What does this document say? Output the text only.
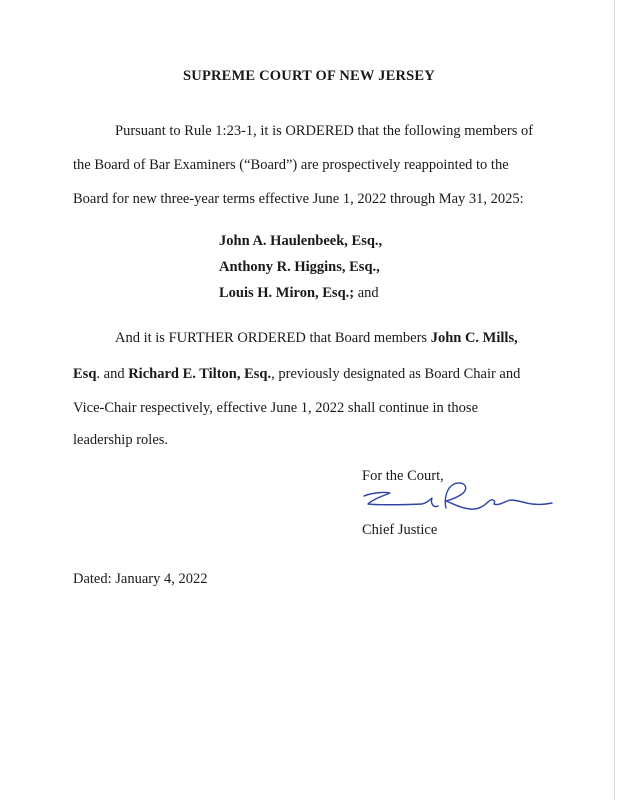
SUPREME COURT OF NEW JERSEY
Pursuant to Rule 1:23-1, it is ORDERED that the following members of
the Board of Bar Examiners (“Board”) are prospectively reappointed to the
Board for new three-year terms effective June 1, 2022 through May 31, 2025:
John A. Haulenbeek, Esq.,
Anthony R. Higgins, Esq.,
Louis H. Miron, Esq.; and
And it is FURTHER ORDERED that Board members John C. Mills,
Esq. and Richard E. Tilton, Esq., previously designated as Board Chair and
Vice-Chair respectively, effective June 1, 2022 shall continue in those
leadership roles.
For the Court,
Chief Justice
Dated: January 4, 2022
